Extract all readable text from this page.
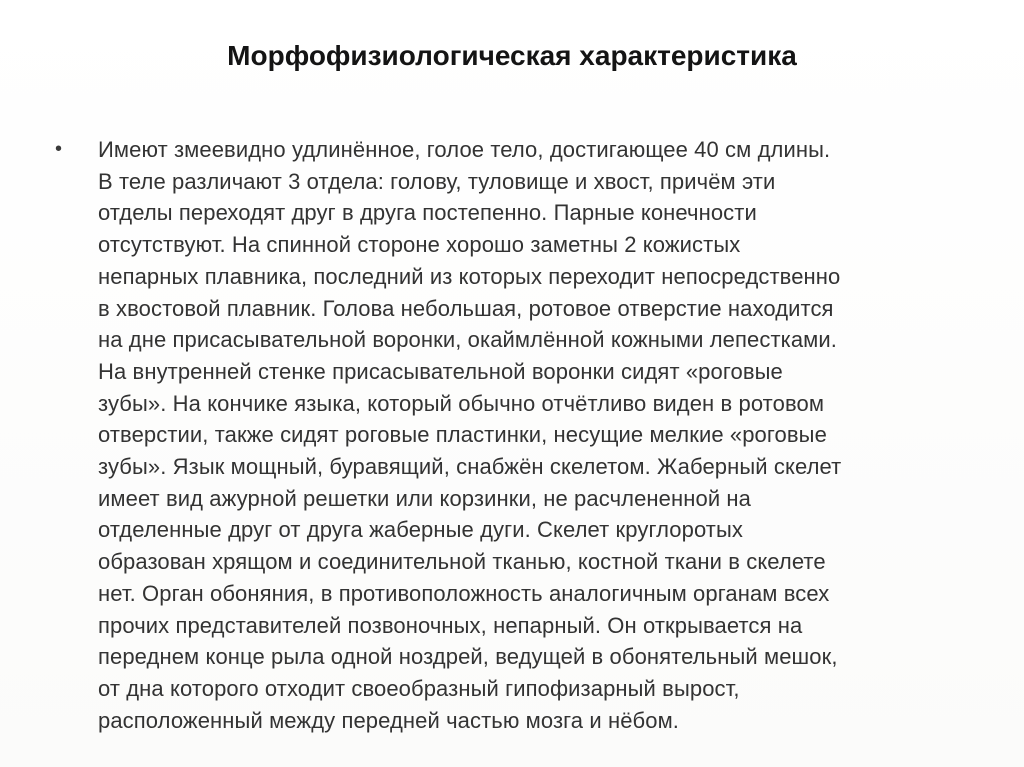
Морфофизиологическая характеристика
• Имеют змеевидно удлинённое, голое тело, достигающее 40 см длины.
В теле различают 3 отдела: голову, туловище и хвост, причём эти
отделы переходят друг в друга постепенно. Парные конечности
отсутствуют. На спинной стороне хорошо заметны 2 кожистых
непарных плавника, последний из которых переходит непосредственно
в хвостовой плавник. Голова небольшая, ротовое отверстие находится
на дне присасывательной воронки, окаймлённой кожными лепестками.
На внутренней стенке присасывательной воронки сидят «роговые
зубы». На кончике языка, который обычно отчётливо виден в ротовом
отверстии, также сидят роговые пластинки, несущие мелкие «роговые
зубы». Язык мощный, буравящий, снабжён скелетом. Жаберный скелет
имеет вид ажурной решетки или корзинки, не расчлененной на
отделенные друг от друга жаберные дуги. Скелет круглоротых
образован хрящом и соединительной тканью, костной ткани в скелете
нет. Орган обоняния, в противоположность аналогичным органам всех
прочих представителей позвоночных, непарный. Он открывается на
переднем конце рыла одной ноздрей, ведущей в обонятельный мешок,
от дна которого отходит своеобразный гипофизарный вырост,
расположенный между передней частью мозга и нёбом.
